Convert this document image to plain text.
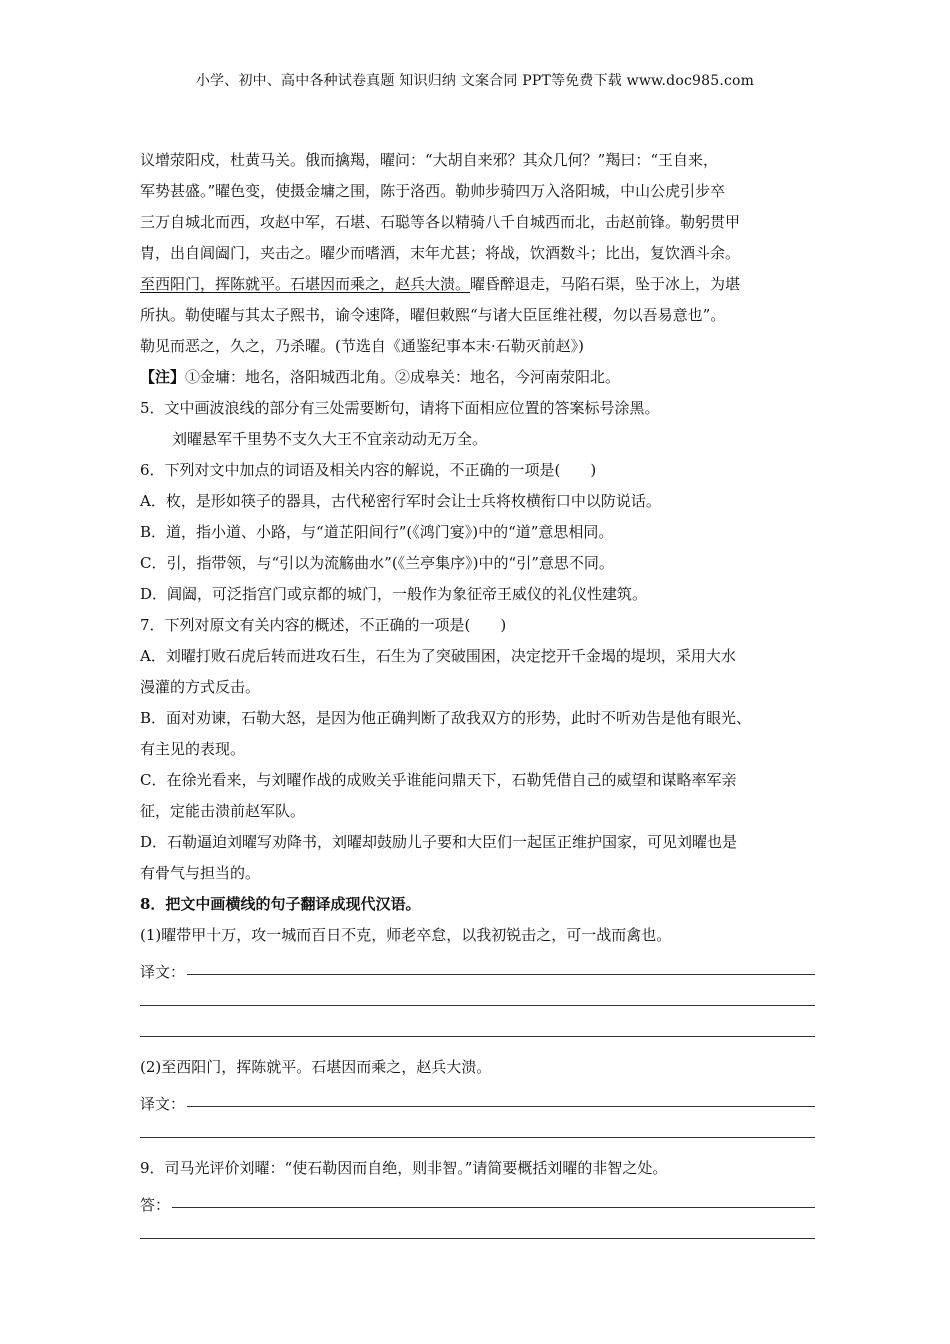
小学、初中、高中各种试卷真题 知识归纳 文案合同 PPT等免费下载 www.doc985.com

议增荥阳戍，杜黄马关。俄而擒羯，曜问：“大胡自来邪？其众几何？”羯曰：“王自来，

军势甚盛。”曜色变，使摄金墉之围，陈于洛西。勒帅步骑四万入洛阳城，中山公虎引步卒

三万自城北而西，攻赵中军，石堪、石聪等各以精骑八千自城西而北，击赵前锋。勒躬贯甲

胄，出自阊阖门，夹击之。曜少而嗜酒，末年尤甚；将战，饮酒数斗；比出，复饮酒斗余。

至西阳门，挥陈就平。石堪因而乘之，赵兵大溃。曜昏醉退走，马陷石渠，坠于冰上，为堪

所执。勒使曜与其太子熙书，谕令速降，曜但敕熙“与诸大臣匡维社稷，勿以吾易意也”。

勒见而恶之，久之，乃杀曜。(节选自《通鉴纪事本末·石勒灭前赵》)

【注】①金墉：地名，洛阳城西北角。②成皋关：地名，今河南荥阳北。

5．文中画波浪线的部分有三处需要断句，请将下面相应位置的答案标号涂黑。

刘曜悬军千里势不支久大王不宜亲动动无万全。

6．下列对文中加点的词语及相关内容的解说，不正确的一项是(　　)

A．枚，是形如筷子的器具，古代秘密行军时会让士兵将枚横衔口中以防说话。

B．道，指小道、小路，与“道芷阳间行”(《鸿门宴》)中的“道”意思相同。

C．引，指带领，与“引以为流觞曲水”(《兰亭集序》)中的“引”意思不同。

D．阊阖，可泛指宫门或京都的城门，一般作为象征帝王威仪的礼仪性建筑。

7．下列对原文有关内容的概述，不正确的一项是(　　)

A．刘曜打败石虎后转而进攻石生，石生为了突破围困，决定挖开千金堨的堤坝，采用大水

漫灌的方式反击。

B．面对劝谏，石勒大怒，是因为他正确判断了敌我双方的形势，此时不听劝告是他有眼光、

有主见的表现。

C．在徐光看来，与刘曜作战的成败关乎谁能问鼎天下，石勒凭借自己的威望和谋略率军亲

征，定能击溃前赵军队。

D．石勒逼迫刘曜写劝降书，刘曜却鼓励儿子要和大臣们一起匡正维护国家，可见刘曜也是

有骨气与担当的。

8．把文中画横线的句子翻译成现代汉语。

(1)曜带甲十万，攻一城而百日不克，师老卒怠，以我初锐击之，可一战而禽也。

译文：

(2)至西阳门，挥陈就平。石堪因而乘之，赵兵大溃。

译文：

9．司马光评价刘曜：“使石勒因而自绝，则非智。”请简要概括刘曜的非智之处。

答：
